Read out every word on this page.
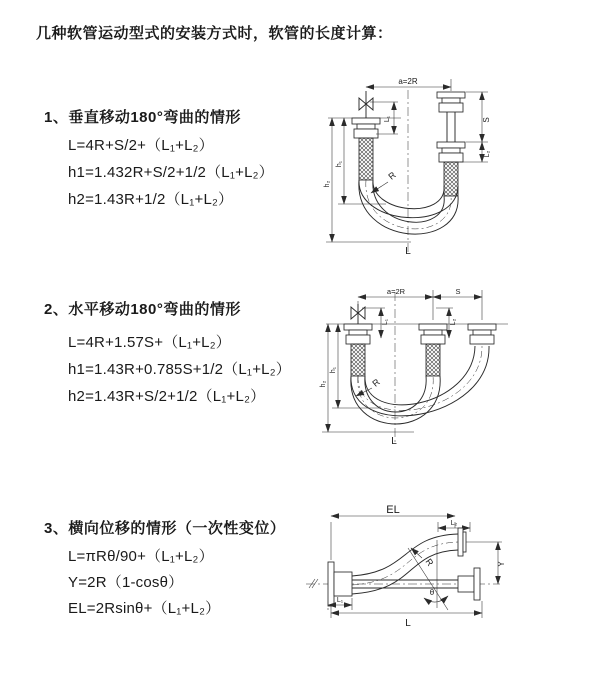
几种软管运动型式的安装方式时，软管的长度计算：
1、垂直移动180°弯曲的情形
L=4R+S/2+（L₁+L₂）
h1=1.432R+S/2+1/2（L₁+L₂）
h2=1.43R+1/2（L₁+L₂）
2、水平移动180°弯曲的情形
L=4R+1.57S+（L₁+L₂）
h1=1.43R+0.785S+1/2（L₁+L₂）
h2=1.43R+S/2+1/2（L₁+L₂）
3、横向位移的情形（一次性变位）
L=πRθ/90+（L₁+L₂）
Y=2R（1-cosθ）
EL=2Rsinθ+（L₁+L₂）
a=2R
S
L₂
L₁
h₁
h₂
R
L
a=2R	S
L₁	L₂
h₁
h₂	R
L
EL
L₂
Y
θ
R
L₁
L
